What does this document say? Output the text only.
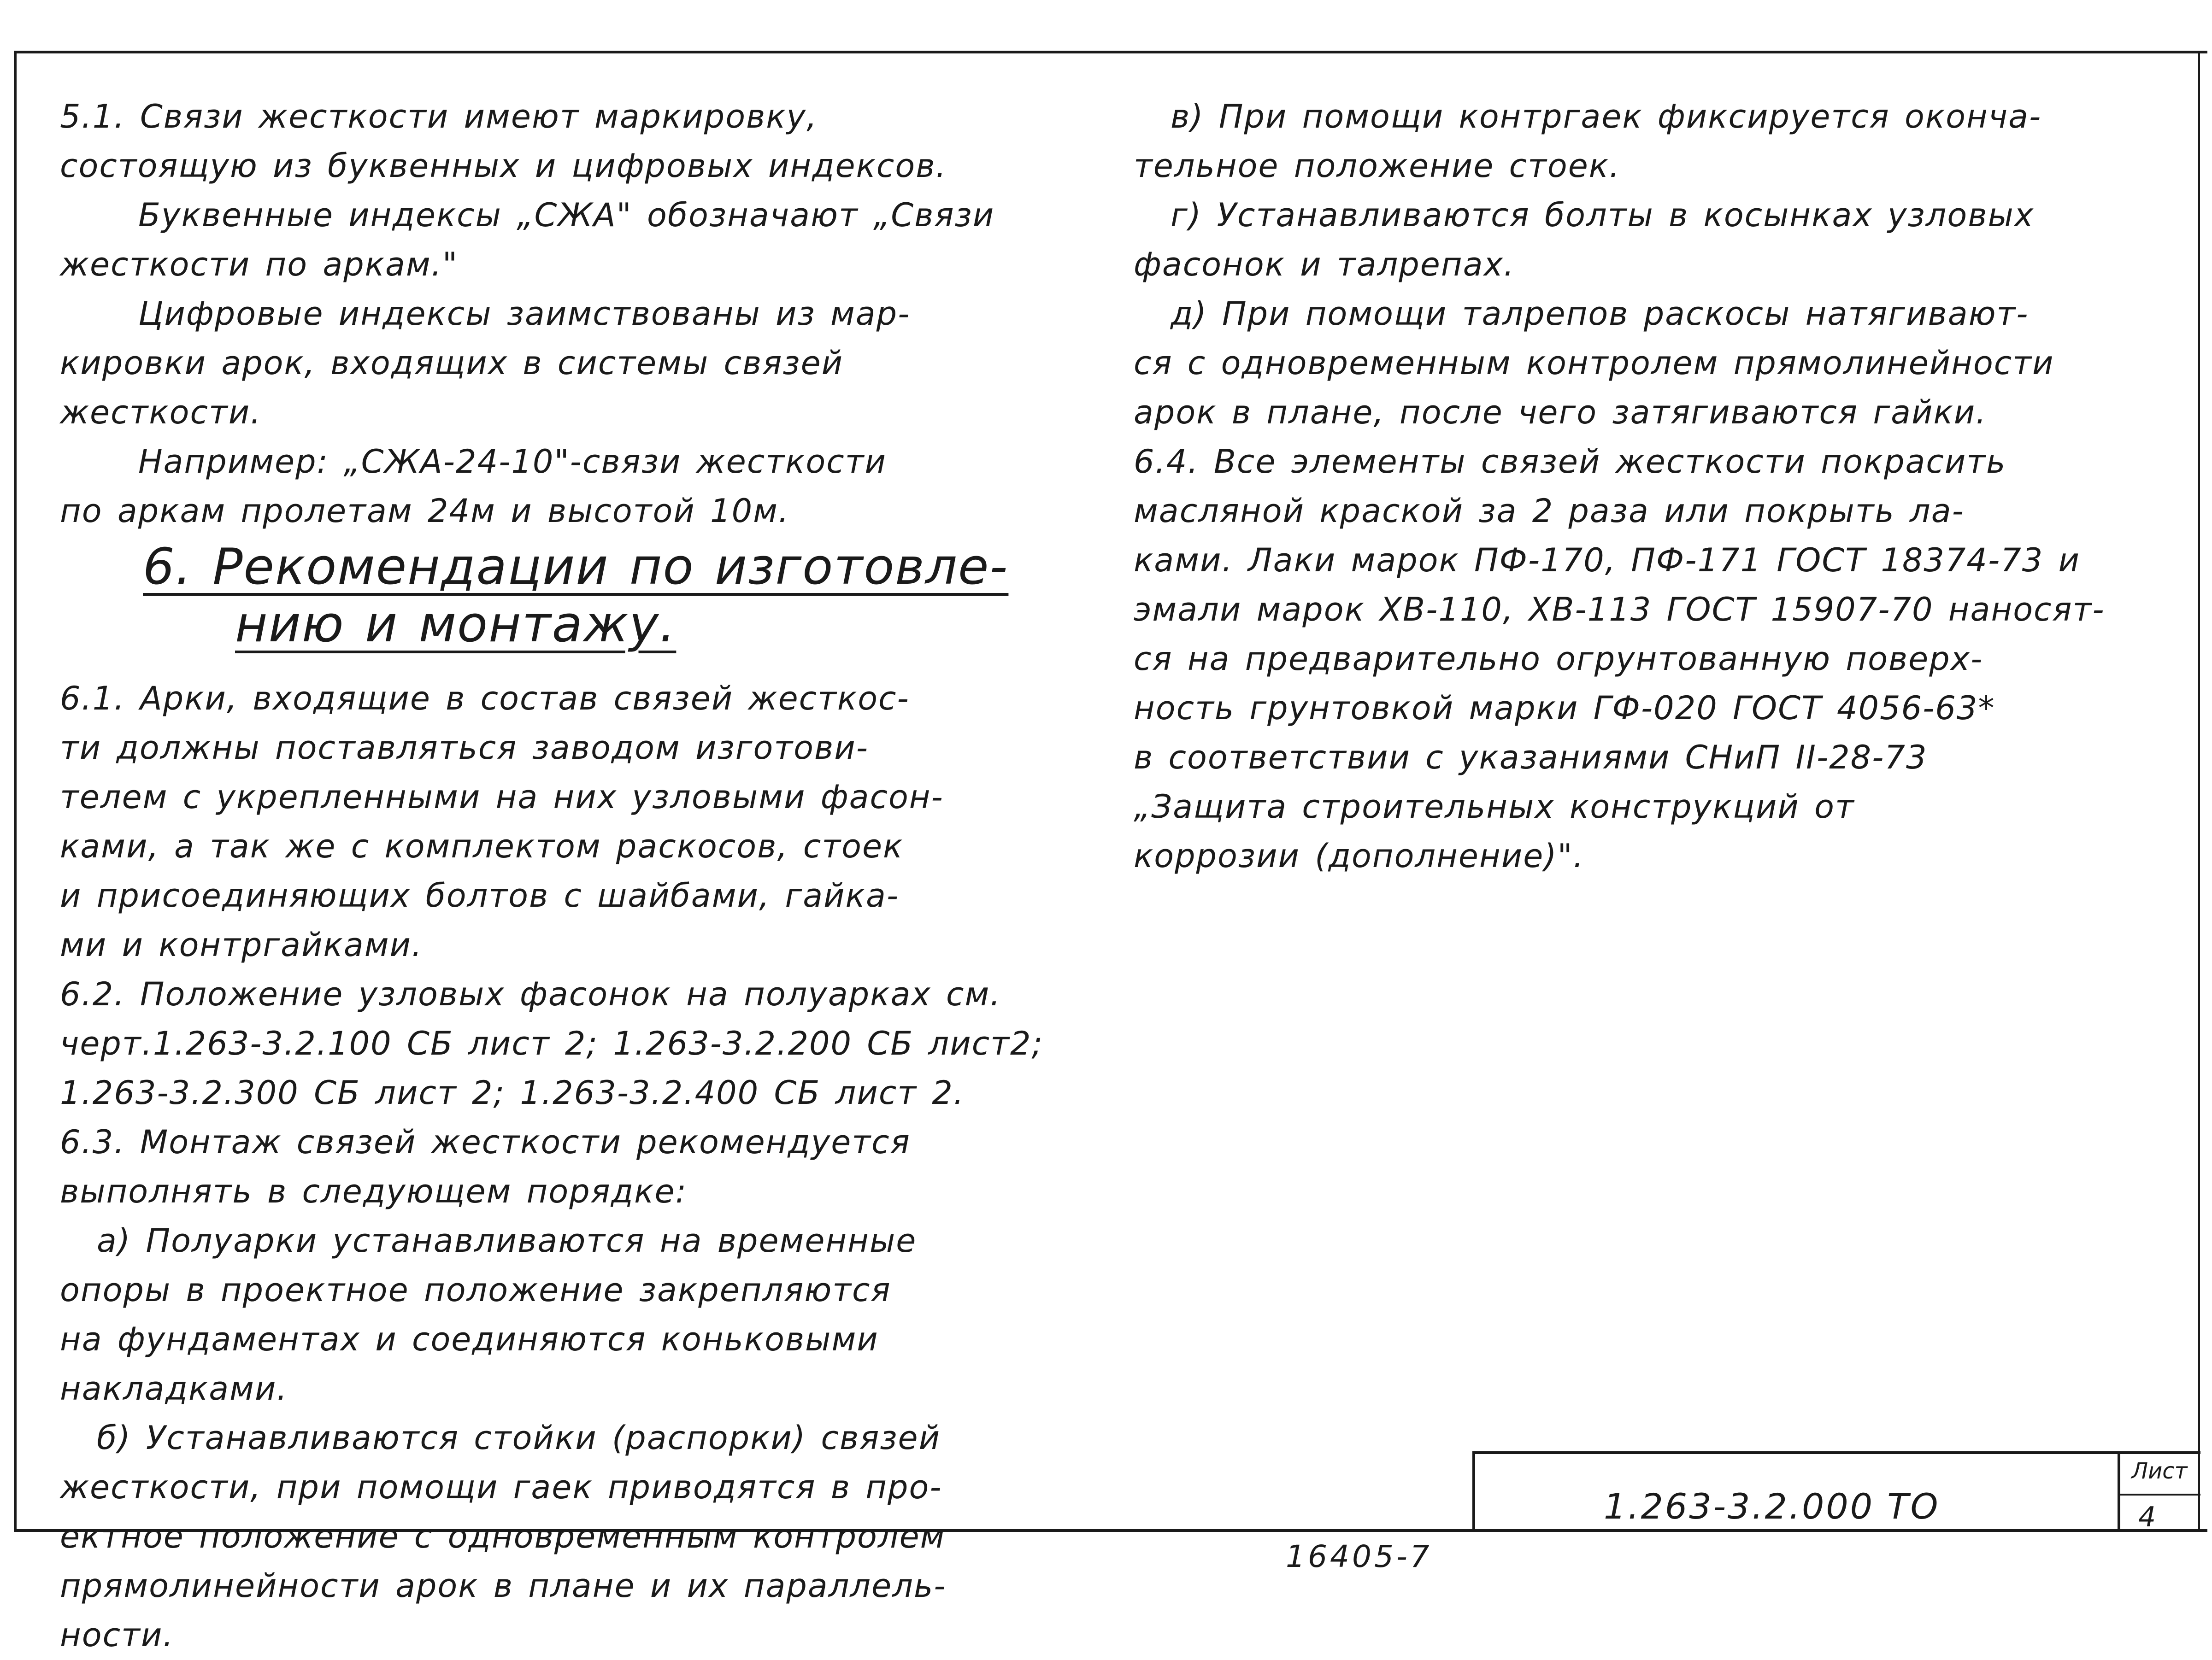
5.1. Связи жесткости имеют маркировку,
состоящую из буквенных и цифровых индексов.
Буквенные индексы „СЖА" обозначают „Связи
жесткости по аркам."
Цифровые индексы заимствованы из мар-
кировки арок, входящих в системы связей
жесткости.
Например: „СЖА-24-10"-связи жесткости
по аркам пролетам 24м и высотой 10м.
6. Рекомендации по изготовле-
нию и монтажу.
6.1. Арки, входящие в состав связей жесткос-
ти должны поставляться заводом изготови-
телем с укрепленными на них узловыми фасон-
ками, а так же с комплектом раскосов, стоек
и присоединяющих болтов с шайбами, гайка-
ми и контргайками.
6.2. Положение узловых фасонок на полуарках см.
черт.1.263-3.2.100 СБ лист 2; 1.263-3.2.200 СБ лист2;
1.263-3.2.300 СБ лист 2; 1.263-3.2.400 СБ лист 2.
6.3. Монтаж связей жесткости рекомендуется
выполнять в следующем порядке:
а) Полуарки устанавливаются на временные
опоры в проектное положение закрепляются
на фундаментах и соединяются коньковыми
накладками.
б) Устанавливаются стойки (распорки) связей
жесткости, при помощи гаек приводятся в про-
ектное положение с одновременным контролем
прямолинейности арок в плане и их параллель-
ности.
в) При помощи контргаек фиксируется оконча-
тельное положение стоек.
г) Устанавливаются болты в косынках узловых
фасонок и талрепах.
д) При помощи талрепов раскосы натягивают-
ся с одновременным контролем прямолинейности
арок в плане, после чего затягиваются гайки.
6.4. Все элементы связей жесткости покрасить
масляной краской за 2 раза или покрыть ла-
ками. Лаки марок ПФ-170, ПФ-171 ГОСТ 18374-73 и
эмали марок ХВ-110, ХВ-113 ГОСТ 15907-70 наносят-
ся на предварительно огрунтованную поверх-
ность грунтовкой марки ГФ-020 ГОСТ 4056-63*
в соответствии с указаниями СНиП II-28-73
„Защита строительных конструкций от
коррозии (дополнение)".
1.263-3.2.000 ТО
Лист
4
16405-7
